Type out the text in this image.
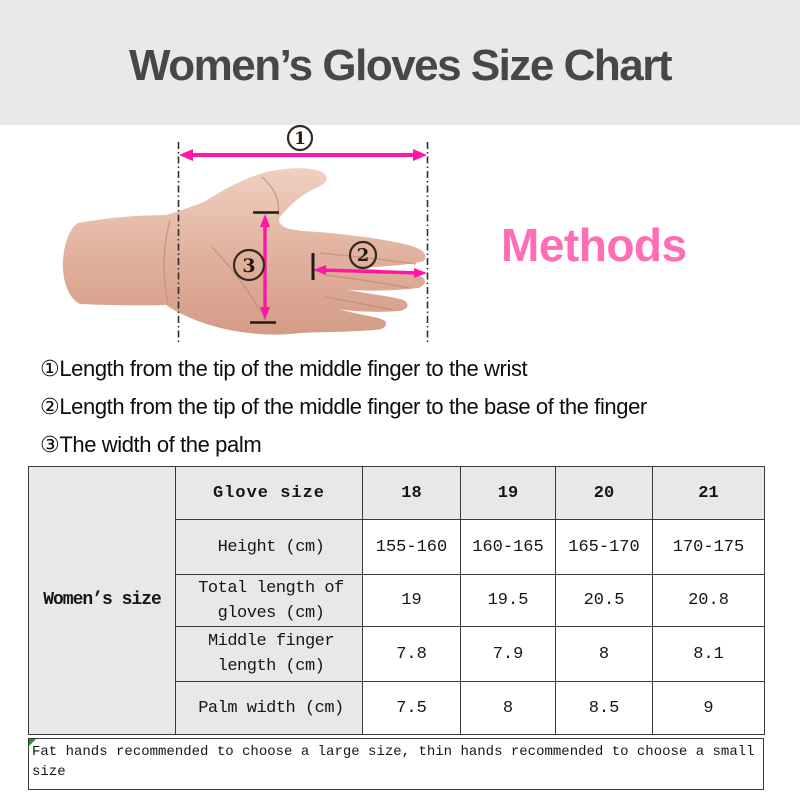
Women’s Gloves Size Chart
1
2
3	Methods
①Length from the tip of the middle finger to the wrist
②Length from the tip of the middle finger to the base of the finger
③The width of the palm
Women’s size	Glove size	18	19	20	21
	Height (cm)	155-160	160-165	165-170	170-175
	Total length of gloves (cm)	19	19.5	20.5	20.8
	Middle finger length (cm)	7.8	7.9	8	8.1
	Palm width (cm)	7.5	8	8.5	9
Fat hands recommended to choose a large size, thin hands recommended to choose a small size
